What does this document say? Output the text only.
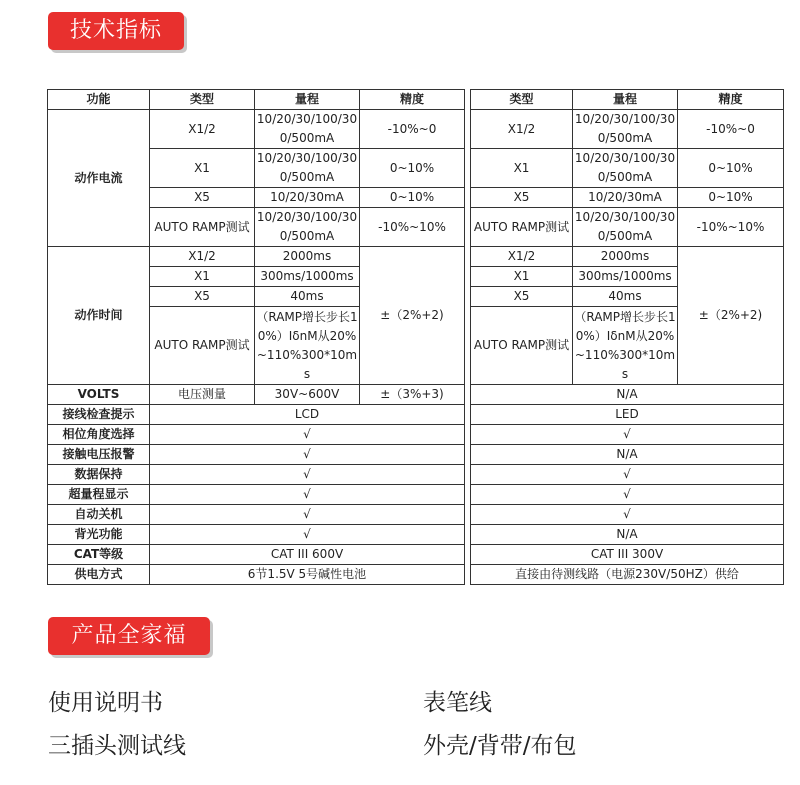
技术指标
功能	类型	量程	精度		类型	量程	精度
动作电流	X1/2	10/20/30/100/300/500mA	-10%~0		X1/2	10/20/30/100/300/500mA	-10%~0
	X1	10/20/30/100/300/500mA	0~10%		X1	10/20/30/100/300/500mA	0~10%
	X5	10/20/30mA	0~10%		X5	10/20/30mA	0~10%
	AUTO RAMP测试	10/20/30/100/300/500mA	-10%~10%		AUTO RAMP测试	10/20/30/100/300/500mA	-10%~10%
动作时间	X1/2	2000ms	±（2%+2)		X1/2	2000ms	±（2%+2)
	X1	300ms/1000ms			X1	300ms/1000ms	
	X5	40ms			X5	40ms	
	AUTO RAMP测试	（RAMP增长步长10%）IδnM从20%~110%300*10ms			AUTO RAMP测试	（RAMP增长步长10%）IδnM从20%~110%300*10ms	
VOLTS	电压测量	30V~600V	±（3%+3)		N/A		
接线检查提示	LCD				LED		
相位角度选择	√				√		
接触电压报警	√				N/A		
数据保持	√				√		
超量程显示	√				√		
自动关机	√				√		
背光功能	√				N/A		
CAT等级	CAT III 600V				CAT III 300V		
供电方式	6节1.5V 5号碱性电池				直接由待测线路（电源230V/50HZ）供给		
产品全家福
使用说明书	表笔线
三插头测试线	外壳/背带/布包
